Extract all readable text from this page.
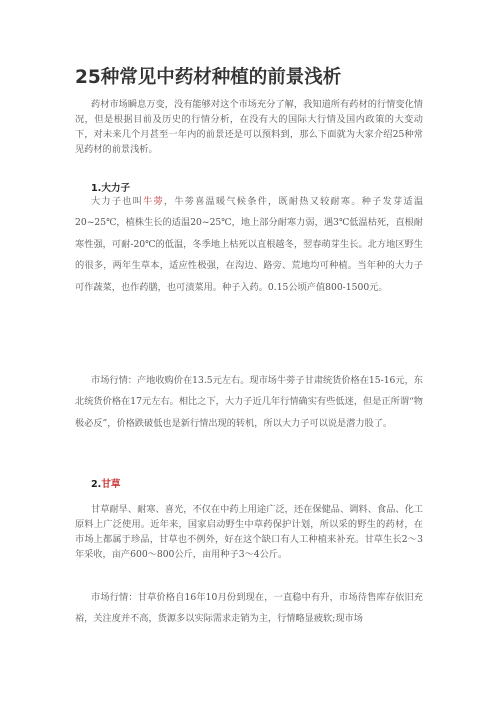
25种常见中药材种植的前景浅析

药材市场瞬息万变，没有能够对这个市场充分了解，我知道所有药材的行情变化情况，但是根据目前及历史的行情分析，在没有大的国际大行情及国内政策的大变动下，对未来几个月甚至一年内的前景还是可以预料到，那么下面就为大家介绍25种常见药材的前景浅析。

1.大力子

大力子也叫牛蒡，牛蒡喜温暖气候条件，既耐热又较耐寒。种子发芽适温20~25℃，植株生长的适温20~25℃，地上部分耐寒力弱，遇3℃低温枯死，直根耐寒性强，可耐-20℃的低温，冬季地上枯死以直根越冬，翌春萌芽生长。北方地区野生的很多，两年生草本，适应性极强，在沟边、路旁、荒地均可种植。当年种的大力子可作蔬菜，也作药膳，也可渍菜用。种子入药。0.15公顷产值800-1500元。

市场行情：产地收购价在13.5元左右。现市场牛蒡子甘肃统货价格在15-16元，东北统货价格在17元左右。相比之下，大力子近几年行情确实有些低迷，但是正所谓“物极必反”，价格跌破低也是新行情出现的转机，所以大力子可以说是潜力股了。

2.甘草

甘草耐旱、耐寒、喜光，不仅在中药上用途广泛，还在保健品、调料、食品、化工原料上广泛使用。近年来，国家启动野生中草药保护计划，所以采的野生的药材，在市场上都属于珍品，甘草也不例外，好在这个缺口有人工种植来补充。甘草生长2～3年采收，亩产600～800公斤，亩用种子3～4公斤。

市场行情：甘草价格自16年10月份到现在，一直稳中有升，市场待售库存依旧充裕，关注度并不高，货源多以实际需求走销为主，行情略显疲软;现市场
